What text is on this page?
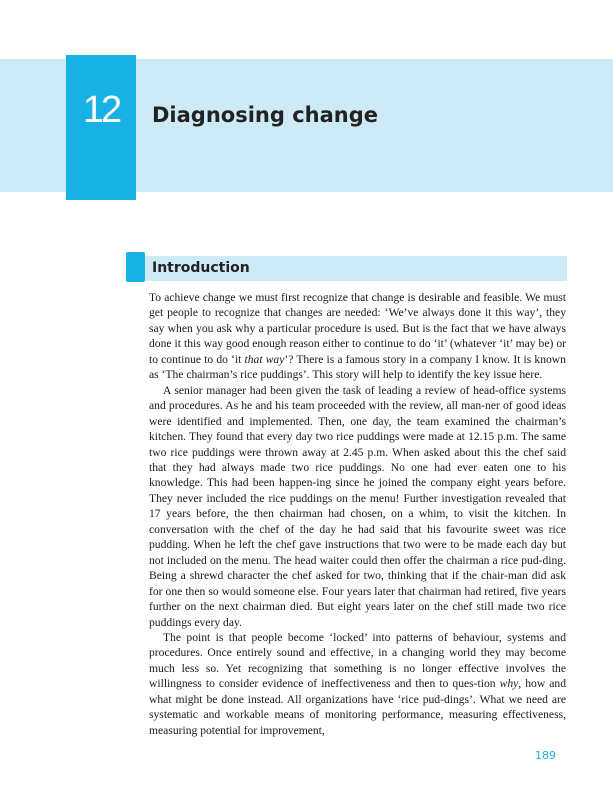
12	Diagnosing change
Introduction

To achieve change we must first recognize that change is desirable and feasible. We must get people to recognize that changes are needed: ‘We’ve always done it this way’, they say when you ask why a particular procedure is used. But is the fact that we have always done it this way good enough reason either to continue to do ‘it’ (whatever ‘it’ may be) or to continue to do ‘it that way’? There is a famous story in a company I know. It is known as ‘The chairman’s rice puddings’. This story will help to identify the key issue here.

A senior manager had been given the task of leading a review of head-office systems and procedures. As he and his team proceeded with the review, all man-ner of good ideas were identified and implemented. Then, one day, the team examined the chairman’s kitchen. They found that every day two rice puddings were made at 12.15 p.m. The same two rice puddings were thrown away at 2.45 p.m. When asked about this the chef said that they had always made two rice puddings. No one had ever eaten one to his knowledge. This had been happen-ing since he joined the company eight years before. They never included the rice puddings on the menu! Further investigation revealed that 17 years before, the then chairman had chosen, on a whim, to visit the kitchen. In conversation with the chef of the day he had said that his favourite sweet was rice pudding. When he left the chef gave instructions that two were to be made each day but not included on the menu. The head waiter could then offer the chairman a rice pud-ding. Being a shrewd character the chef asked for two, thinking that if the chair-man did ask for one then so would someone else. Four years later that chairman had retired, five years further on the next chairman died. But eight years later on the chef still made two rice puddings every day.

The point is that people become ‘locked’ into patterns of behaviour, systems and procedures. Once entirely sound and effective, in a changing world they may become much less so. Yet recognizing that something is no longer effective involves the willingness to consider evidence of ineffectiveness and then to ques-tion why, how and what might be done instead. All organizations have ‘rice pud-dings’. What we need are systematic and workable means of monitoring performance, measuring effectiveness, measuring potential for improvement,

189
